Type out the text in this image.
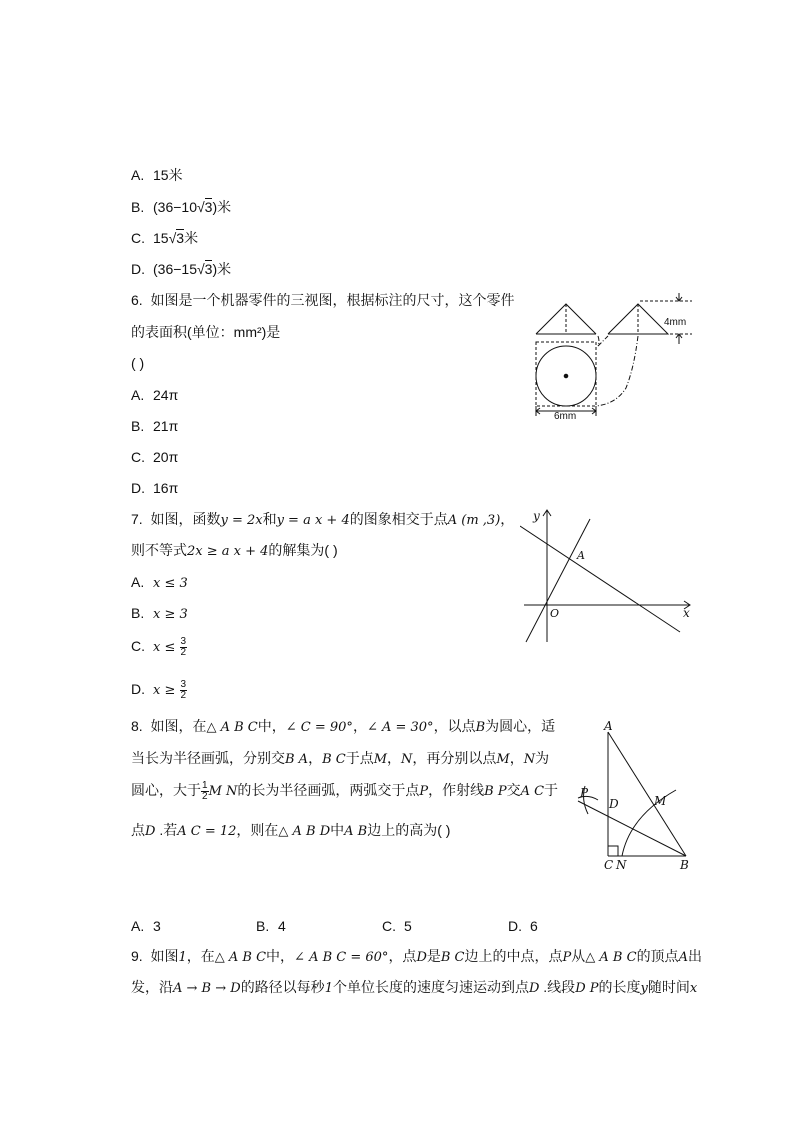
A. 15米
B. (36−10√3)米
C. 15√3米
D. (36−15√3)米
6. 如图是一个机器零件的三视图，根据标注的尺寸，这个零件
的表面积(单位：mm²)是
( )
A. 24π
B. 21π
C. 20π
D. 16π
4mm
6mm
7. 如图，函数y = 2x和y = a x + 4的图象相交于点A (m ,3)，
则不等式2x ≥ a x + 4的解集为( )
A. x ≤ 3
B. x ≥ 3
C. $x \le \frac{3}{2}$
D. $x \ge \frac{3}{2}$
y
x
A
O
8. 如图，在△ A B C中，∠ C = 90°，∠ A = 30°，以点B为圆心，适
当长为半径画弧，分别交B A，B C于点M，N，再分别以点M，N为
圆心，大于 $\frac{1}{2}$ M N的长为半径画弧，两弧交于点P，作射线B P交A C于
点D .若A C = 12，则在△ A B D中A B边上的高为( )
A
B
C N
M
D
P
A. 3	B. 4	C. 5	D. 6
9. 如图1，在△ A B C中，∠ A B C = 60°，点D是B C边上的中点，点P从△ A B C的顶点A出
发，沿A → B → D的路径以每秒1个单位长度的速度匀速运动到点D .线段D P的长度y随时间x
